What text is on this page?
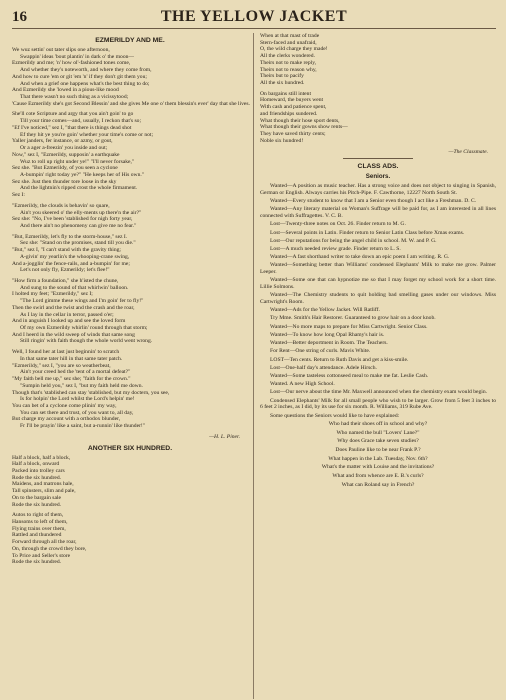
16	THE YELLOW JACKET
EZMERILDY AND ME.
We wuz settin' out tater slips one afternoon,
Swappin' ideas 'bout plantin' in dark o' the moon—
Ezmerildy and me; 'n' how ol'-fashioned tones come,
And whether they's noteworth, and where they come from,
And how to cure 'em or git 'em 'n' if they don't git them you;
And when a grief one happens what's the best thing to do;
And Ezmerildy she 'lowed in a pious-like mood
That there wasn't no such thing as a vicissytood;
'Cause Ezmerildy she's got Second Blessin' and she gives Me one o' them blessin's ever' day that she lives.
She'll cote Scripture and argy that you ain't goin' to go
Till your time comes—and, usually, I reckon that's so;
"Ef I've noticed," sez I, "that there is things dead shot
Ef they hit ye you're goin' whether your time's come or not;
Yaller janders, fer instance, or azmy, or gout,
Or a ager a-freezin' you inside and out;
Now," sez I, "Ezmerildy, supposin' a earthquake
Wuz to roll up right under ye!" "I'll never forsake,"
Sez she. "But Ezmerildy, of you seen a cyclone
A-bumpin' right today ye?" "He keeps her of His own."
Sez she. Just then thunder tore loose in the sky
And the lightnin's ripped crost the whole firmament.
Sez I:
"Ezmerildy, the clouds is behavin' so quare,
Ain't you skeered o' the elly-ments up there'n the air?"
Sez she: "No, I've been 'stablished for nigh forty year,
And there ain't no phenomeny can give me no fear."
"But, Ezmerildy, let's fly to the storm-house," sez I.
Sez she: "Stand on the promises, stand till you die."
"But," sez I, "I can't stand with the gravity thing;
A-givin' my yearlin's the whooping-crane swing,
And a-jogglin' the fence-rails, and a-bumpin' for me;
Let's not only fly, Ezmerildy; let's flee!"
"How firm a foundation," she h'isted the chune,
And sung to the sound of that whirlwin' balloon.
I holted my feet; "Ezmerildy," sez I;
"The Lord gimme these wings and I'm goin' fer to fly!"
Then the swirl and the twist and the crash and the roar,
As I lay in the cellar in terror, passed o'er;
And in anguish I looked up and see the loved form
Of my own Ezmerildy whirlin' round through that storm;
And I heerd in the wild sweep of winds that same song
Still ringin' with faith though the whole world went wrong.
Well, I found her at last just beginnin' to scratch
In that same tater hill in that same tater patch.
"Ezmerildy," sez I, "you are so weatherbeat,
Ain't your creed hed the 'tent of a mortal defeat?"
"My faith bell me up," sez she; "faith for the crown."
"Sumpin held you," sez I, "but my faith held me down.
Though that's 'stablished can stay 'stablished, but my doctern, you see,
Is for holpin' the Lord whilst the Lord's helpin' me!
You can bet of a cyclone come plinin' my way,
You can set there and trust, of you want to, all day,
But charge my account with a orthodox blunder,
Fr I'll be prayin' like a saint, but a-runnin' like thunder!"
—H. L. Piner.
ANOTHER SIX HUNDRED.
Half a block, half a block,
Half a block, onward
Packed into trolley cars
Rode the six hundred.
Maidens, and matrons hale,
Tall spinsters, slim and pale,
On to the bargain sale
Rode the six hundred.
Autos to right of them,
Hansoms to left of them,
Flying trains over them,
Rattled and thundered
Forward through all the roar,
On, through the crowd they bore,
To Price and Seller's store
Rode the six hundred.
When at that mast of trade
Stern-faced and unafraid,
O, the wild charge they made!
All the clerks wondered.
Theirs not to make reply,
Theirs not to reason why,
Theirs but to pacify
All the six hundred.
On bargains still intent
Homeward, the buyers went
With cash and patience spent,
and friendships sundered.
What though their hose sport dents,
What though their gowns show rents—
They have saved thirty cents;
Noble six hundred!
—The Classmate.
CLASS ADS.
Seniors.
Wanted—A position as music teacher. Has a strong voice and does not object to singing in Spanish, German or English. Always carries his Pitch-Pipe. F. Cawthorne, 12227 North South St.
Wanted—Every student to know that I am a Senior even though I act like a Freshman. D. C.
Wanted—Any literary material on Woman's Suffrage will be paid for, as I am interested in all lines connected with Suffragettes. V. C. B.
Lost—Twenty-three notes on Oct. 26. Finder return to M. G.
Lost—Several points in Latin. Finder return to Senior Latin Class before Xmas exams.
Lost—Our reputations for being the angel child in school. M. W. and P. G.
Lost—A much needed review grade. Finder return to L. S.
Wanted—A fast shorthand writer to take down an epic poem I am writing. R. G.
Wanted—Something better than Williams' condensed Elephants' Milk to make me grow. Palmer Leeper.
Wanted—Some one that can hypnotize me so that I may forget my school work for a short time. Lillie Solmons.
Wanted—The Chemistry students to quit holding bad smelling gases under our windows. Miss Cartwright's Room.
Wanted—Ads for the Yellow Jacket. Will Ratliff.
Try Mme. Smith's Hair Restorer. Guaranteed to grow hair on a door knob.
Wanted—No more maps to prepare for Miss Cartwright. Senior Class.
Wanted—To know how long Opal Rhamy's hair is.
Wanted—Better deportment in Room. The Teachers.
For Rent—One string of curls. Mavis White.
LOST—Ten cents. Return to Ruth Davis and get a kiss-smile.
Lost—One-half day's attendance. Adele Hirsch.
Wanted—Some tasteless cottonseed meal to make me fat. Leslie Cash.
Wanted. A new High School.
Lost—Our nerve about the time Mr. Maxwell announced when the chemistry exam would begin.
Condensed Elephants' Milk for all small people who wish to be larger. Grow from 5 feet 3 inches to 6 feet 2 inches, as I did, by its use for six month. R. Williams, 319 Rube Ave.
Some questions the Seniors would like to have explained:
Who had their shoes off in school and why?
Who named the bull "Lovers' Lane?"
Why does Grace take seven studies?
Does Pauline like to be near Frank P.?
What happen in the Lab. Tuesday, Nov. 6th?
What's the matter with Louise and the invitations?
What and from whence are E. B.'s curls?
What can Roland say in French?
